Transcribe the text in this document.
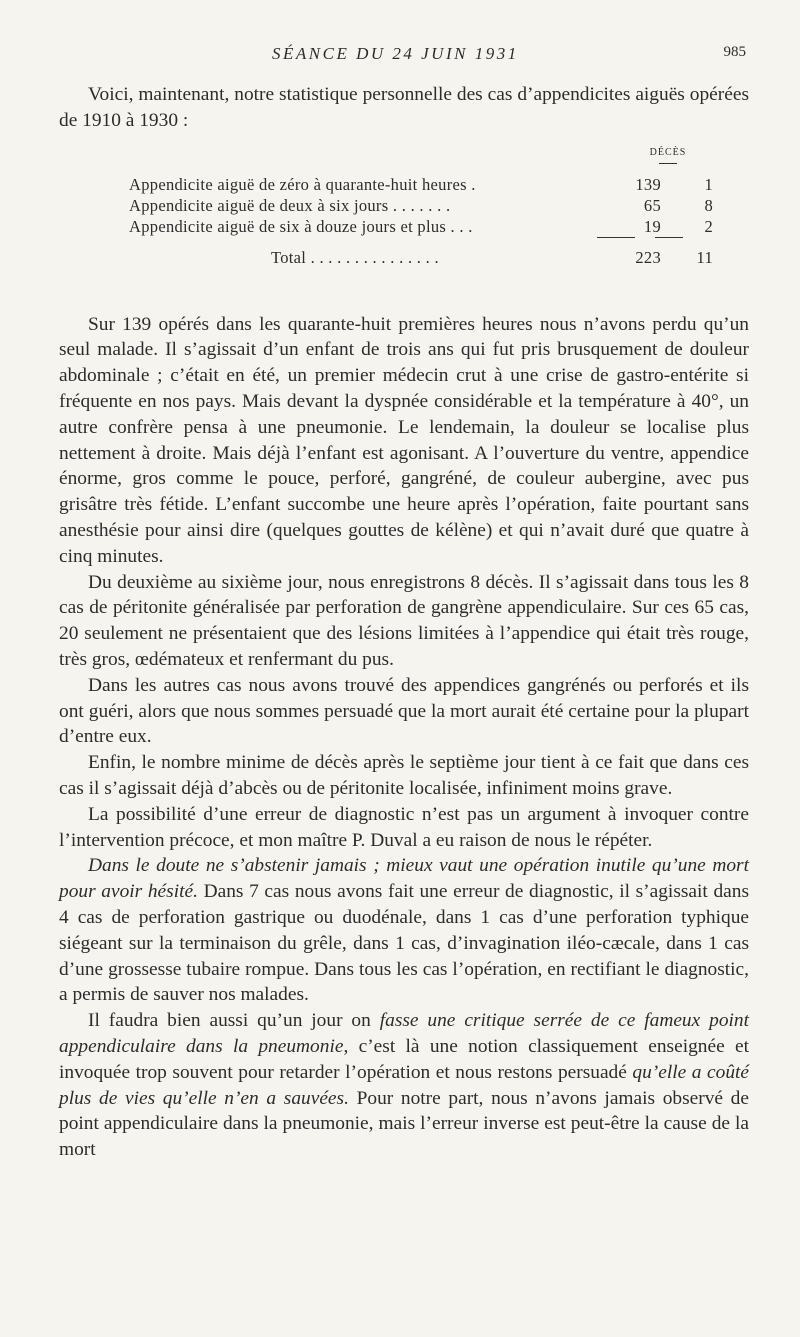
SÉANCE DU 24 JUIN 1931	985

Voici, maintenant, notre statistique personnelle des cas d’appendicites aiguës opérées de 1910 à 1930 :

DÉCÈS
Appendicite aiguë de zéro à quarante-huit heures .	139	1
Appendicite aiguë de deux à six jours . . . . . . .	65	8
Appendicite aiguë de six à douze jours et plus . . .	19	2
Total . . . . . . . . . . . . . . .	223	11

Sur 139 opérés dans les quarante-huit premières heures nous n’avons perdu qu’un seul malade. Il s’agissait d’un enfant de trois ans qui fut pris brusquement de douleur abdominale ; c’était en été, un premier médecin crut à une crise de gastro-entérite si fréquente en nos pays. Mais devant la dyspnée considérable et la température à 40°, un autre confrère pensa à une pneumonie. Le lendemain, la douleur se localise plus nettement à droite. Mais déjà l’enfant est agonisant. A l’ouverture du ventre, appendice énorme, gros comme le pouce, perforé, gangréné, de couleur aubergine, avec pus grisâtre très fétide. L’enfant succombe une heure après l’opération, faite pourtant sans anesthésie pour ainsi dire (quelques gouttes de kélène) et qui n’avait duré que quatre à cinq minutes.

Du deuxième au sixième jour, nous enregistrons 8 décès. Il s’agissait dans tous les 8 cas de péritonite généralisée par perforation de gangrène appendiculaire. Sur ces 65 cas, 20 seulement ne présentaient que des lésions limitées à l’appendice qui était très rouge, très gros, œdémateux et renfermant du pus.

Dans les autres cas nous avons trouvé des appendices gangrénés ou perforés et ils ont guéri, alors que nous sommes persuadé que la mort aurait été certaine pour la plupart d’entre eux.

Enfin, le nombre minime de décès après le septième jour tient à ce fait que dans ces cas il s’agissait déjà d’abcès ou de péritonite localisée, infiniment moins grave.

La possibilité d’une erreur de diagnostic n’est pas un argument à invoquer contre l’intervention précoce, et mon maître P. Duval a eu raison de nous le répéter.

Dans le doute ne s’abstenir jamais ; mieux vaut une opération inutile qu’une mort pour avoir hésité. Dans 7 cas nous avons fait une erreur de diagnostic, il s’agissait dans 4 cas de perforation gastrique ou duodénale, dans 1 cas d’une perforation typhique siégeant sur la terminaison du grêle, dans 1 cas, d’invagination iléo-cæcale, dans 1 cas d’une grossesse tubaire rompue. Dans tous les cas l’opération, en rectifiant le diagnostic, a permis de sauver nos malades.

Il faudra bien aussi qu’un jour on fasse une critique serrée de ce fameux point appendiculaire dans la pneumonie, c’est là une notion classiquement enseignée et invoquée trop souvent pour retarder l’opération et nous restons persuadé qu’elle a coûté plus de vies qu’elle n’en a sauvées. Pour notre part, nous n’avons jamais observé de point appendiculaire dans la pneumonie, mais l’erreur inverse est peut-être la cause de la mort
